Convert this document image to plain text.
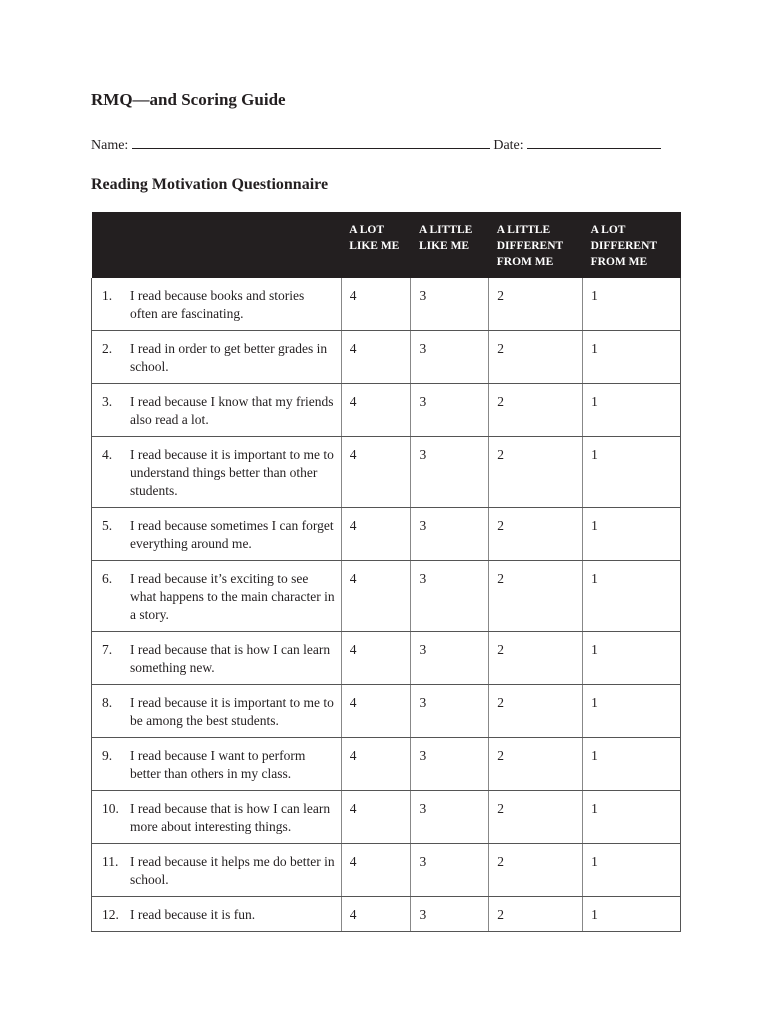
RMQ—and Scoring Guide
Name:	Date:
Reading Motivation Questionnaire
		A LOT LIKE ME	A LITTLE LIKE ME	A LITTLE DIFFERENT FROM ME	A LOT DIFFERENT FROM ME
1.	I read because books and stories often are fascinating.	4	3	2	1
2.	I read in order to get better grades in school.	4	3	2	1
3.	I read because I know that my friends also read a lot.	4	3	2	1
4.	I read because it is important to me to understand things better than other students.	4	3	2	1
5.	I read because sometimes I can forget everything around me.	4	3	2	1
6.	I read because it’s exciting to see what happens to the main character in a story.	4	3	2	1
7.	I read because that is how I can learn something new.	4	3	2	1
8.	I read because it is important to me to be among the best students.	4	3	2	1
9.	I read because I want to perform better than others in my class.	4	3	2	1
10.	I read because that is how I can learn more about interesting things.	4	3	2	1
11.	I read because it helps me do better in school.	4	3	2	1
12.	I read because it is fun.	4	3	2	1
